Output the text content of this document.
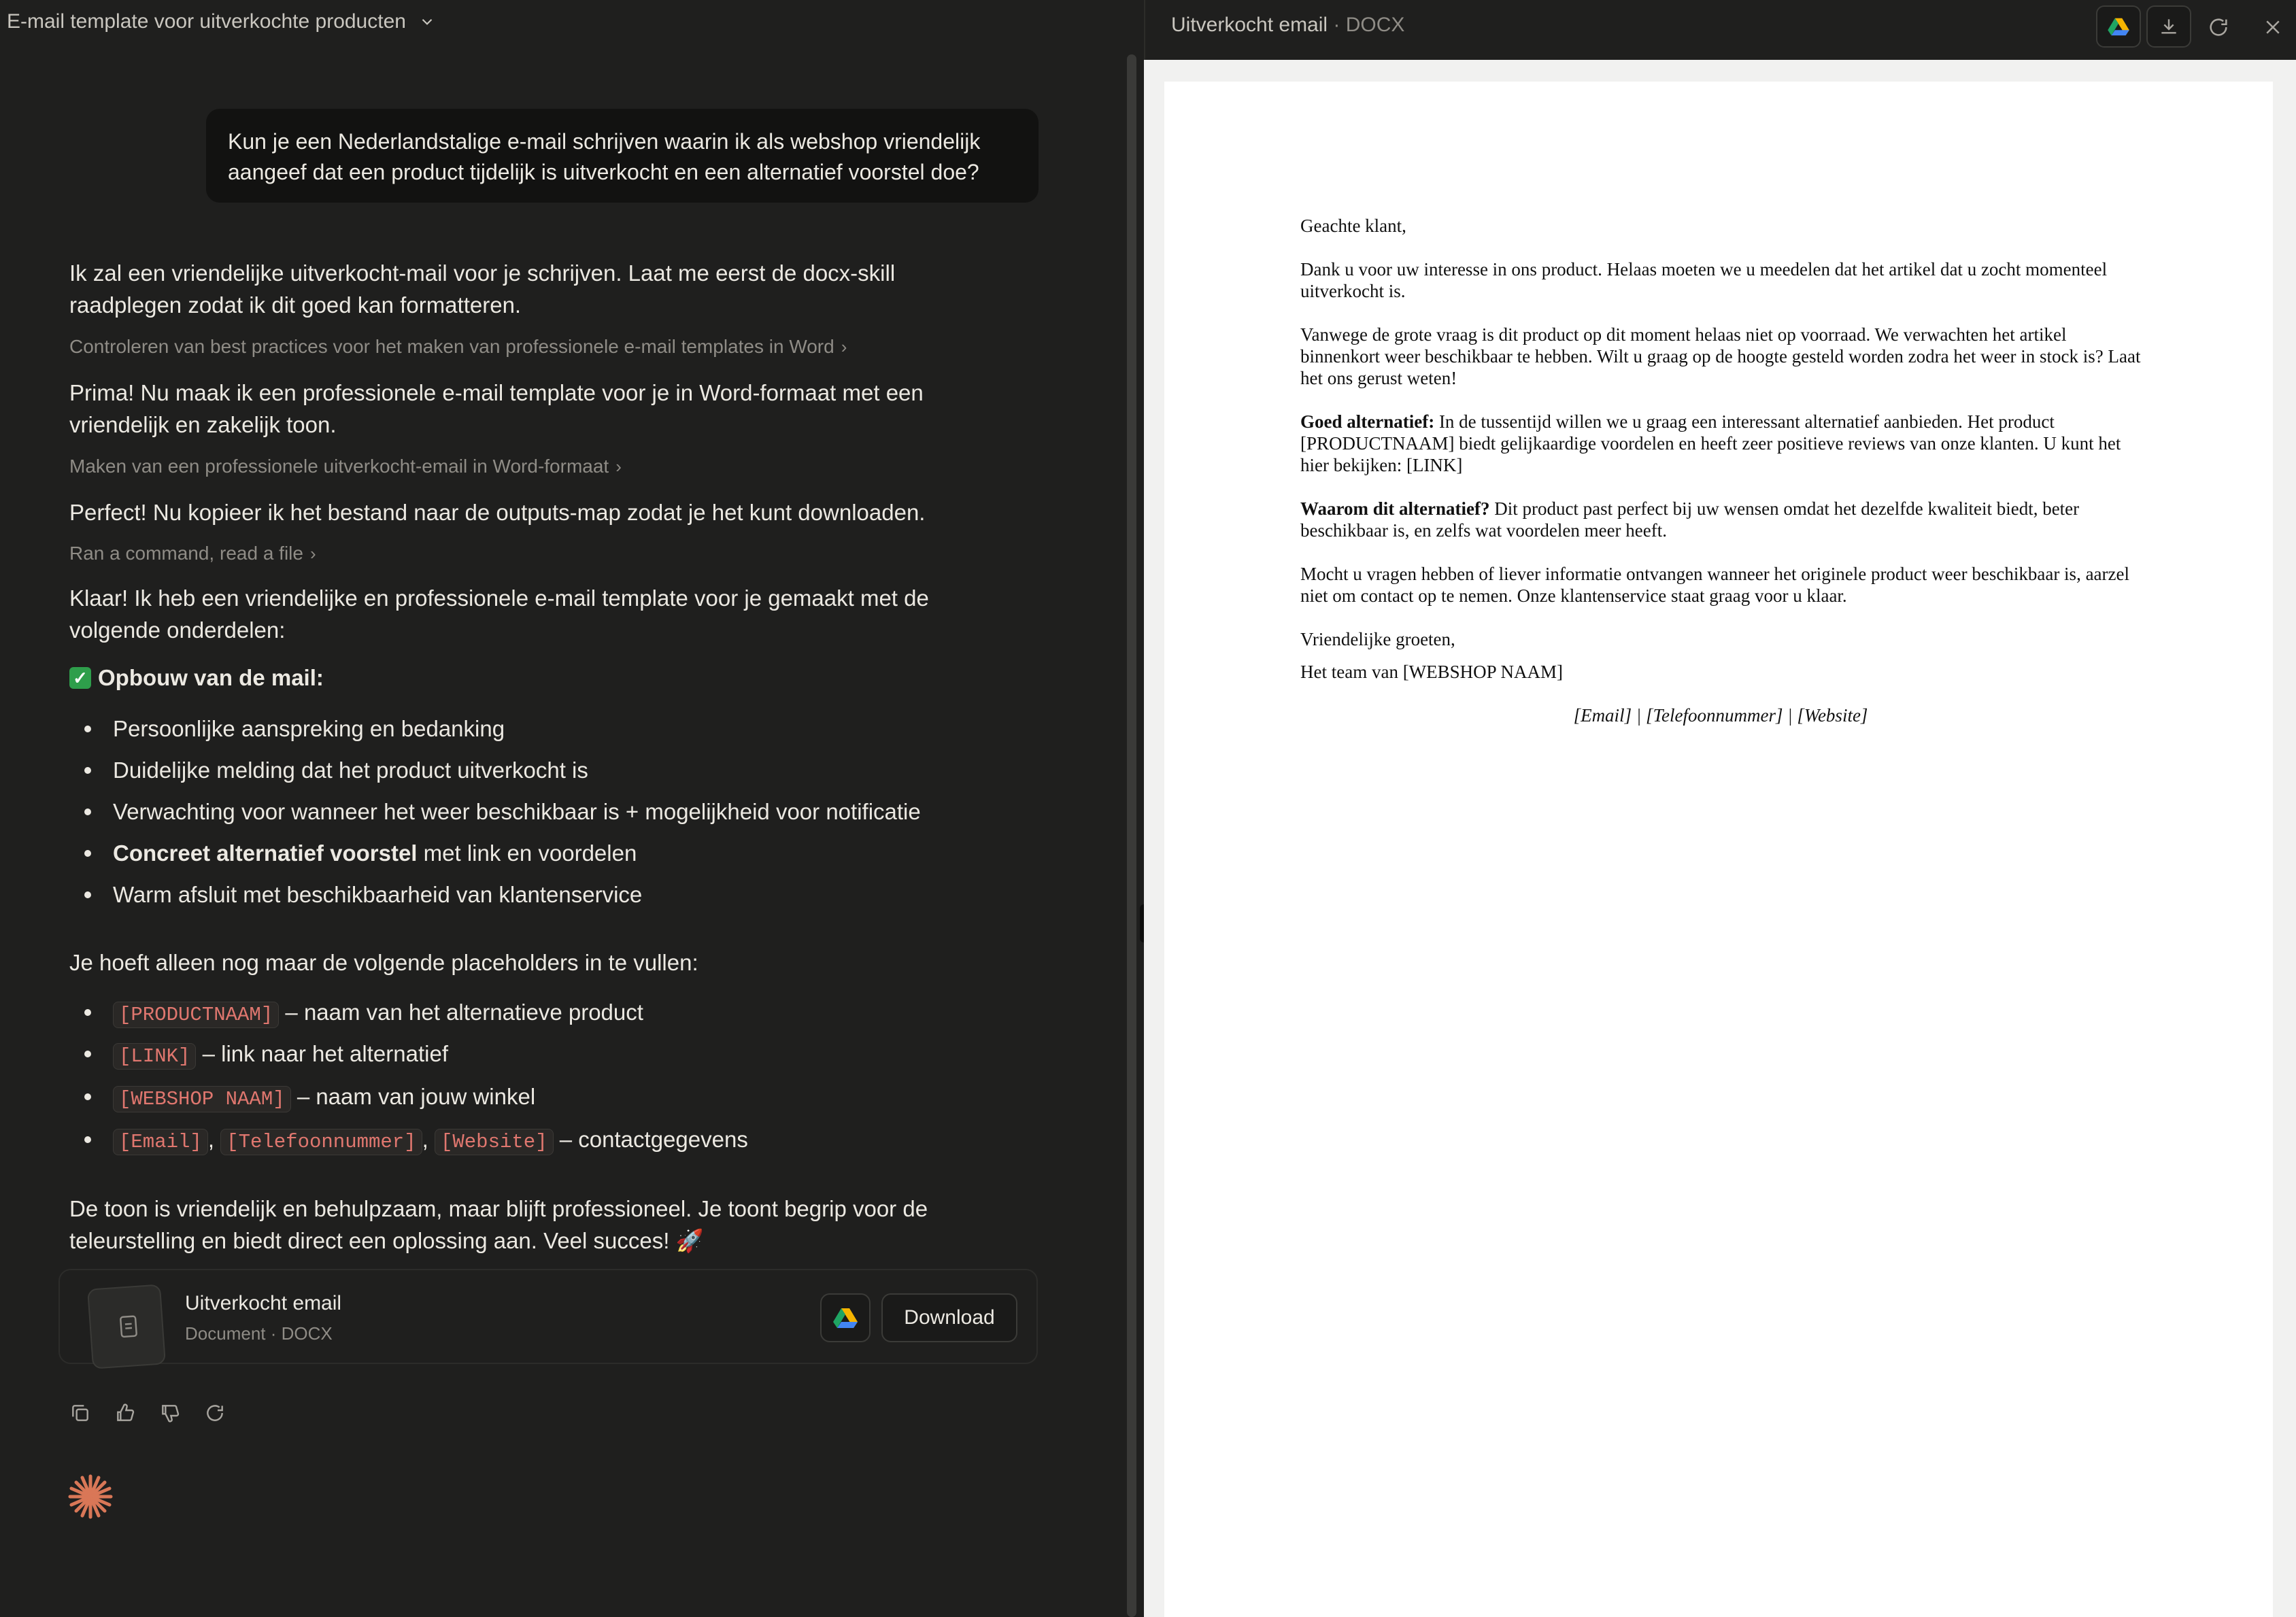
E-mail template voor uitverkochte producten
Kun je een Nederlandstalige e-mail schrijven waarin ik als webshop vriendelijk aangeef dat een product tijdelijk is uitverkocht en een alternatief voorstel doe?
Ik zal een vriendelijke uitverkocht-mail voor je schrijven. Laat me eerst de docx-skill raadplegen zodat ik dit goed kan formatteren.
Controleren van best practices voor het maken van professionele e-mail templates in Word ›
Prima! Nu maak ik een professionele e-mail template voor je in Word-formaat met een vriendelijk en zakelijk toon.
Maken van een professionele uitverkocht-email in Word-formaat ›
Perfect! Nu kopieer ik het bestand naar de outputs-map zodat je het kunt downloaden.
Ran a command, read a file ›
Klaar! Ik heb een vriendelijke en professionele e-mail template voor je gemaakt met de volgende onderdelen:
✓ Opbouw van de mail:
Persoonlijke aanspreking en bedanking
Duidelijke melding dat het product uitverkocht is
Verwachting voor wanneer het weer beschikbaar is + mogelijkheid voor notificatie
Concreet alternatief voorstel met link en voordelen
Warm afsluit met beschikbaarheid van klantenservice
Je hoeft alleen nog maar de volgende placeholders in te vullen:
[PRODUCTNAAM] – naam van het alternatieve product
[LINK] – link naar het alternatief
[WEBSHOP NAAM] – naam van jouw winkel
[Email] , [Telefoonnummer] , [Website] – contactgegevens
De toon is vriendelijk en behulpzaam, maar blijft professioneel. Je toont begrip voor de teleurstelling en biedt direct een oplossing aan. Veel succes! 🚀
Uitverkocht email
Document · DOCX
Download
Uitverkocht email · DOCX

Geachte klant,

Dank u voor uw interesse in ons product. Helaas moeten we u meedelen dat het artikel dat u zocht momenteel uitverkocht is.

Vanwege de grote vraag is dit product op dit moment helaas niet op voorraad. We verwachten het artikel binnenkort weer beschikbaar te hebben. Wilt u graag op de hoogte gesteld worden zodra het weer in stock is? Laat het ons gerust weten!

Goed alternatief: In de tussentijd willen we u graag een interessant alternatief aanbieden. Het product [PRODUCTNAAM] biedt gelijkaardige voordelen en heeft zeer positieve reviews van onze klanten. U kunt het hier bekijken: [LINK]

Waarom dit alternatief? Dit product past perfect bij uw wensen omdat het dezelfde kwaliteit biedt, beter beschikbaar is, en zelfs wat voordelen meer heeft.

Mocht u vragen hebben of liever informatie ontvangen wanneer het originele product weer beschikbaar is, aarzel niet om contact op te nemen. Onze klantenservice staat graag voor u klaar.

Vriendelijke groeten,

Het team van [WEBSHOP NAAM]

[Email] | [Telefoonnummer] | [Website]
